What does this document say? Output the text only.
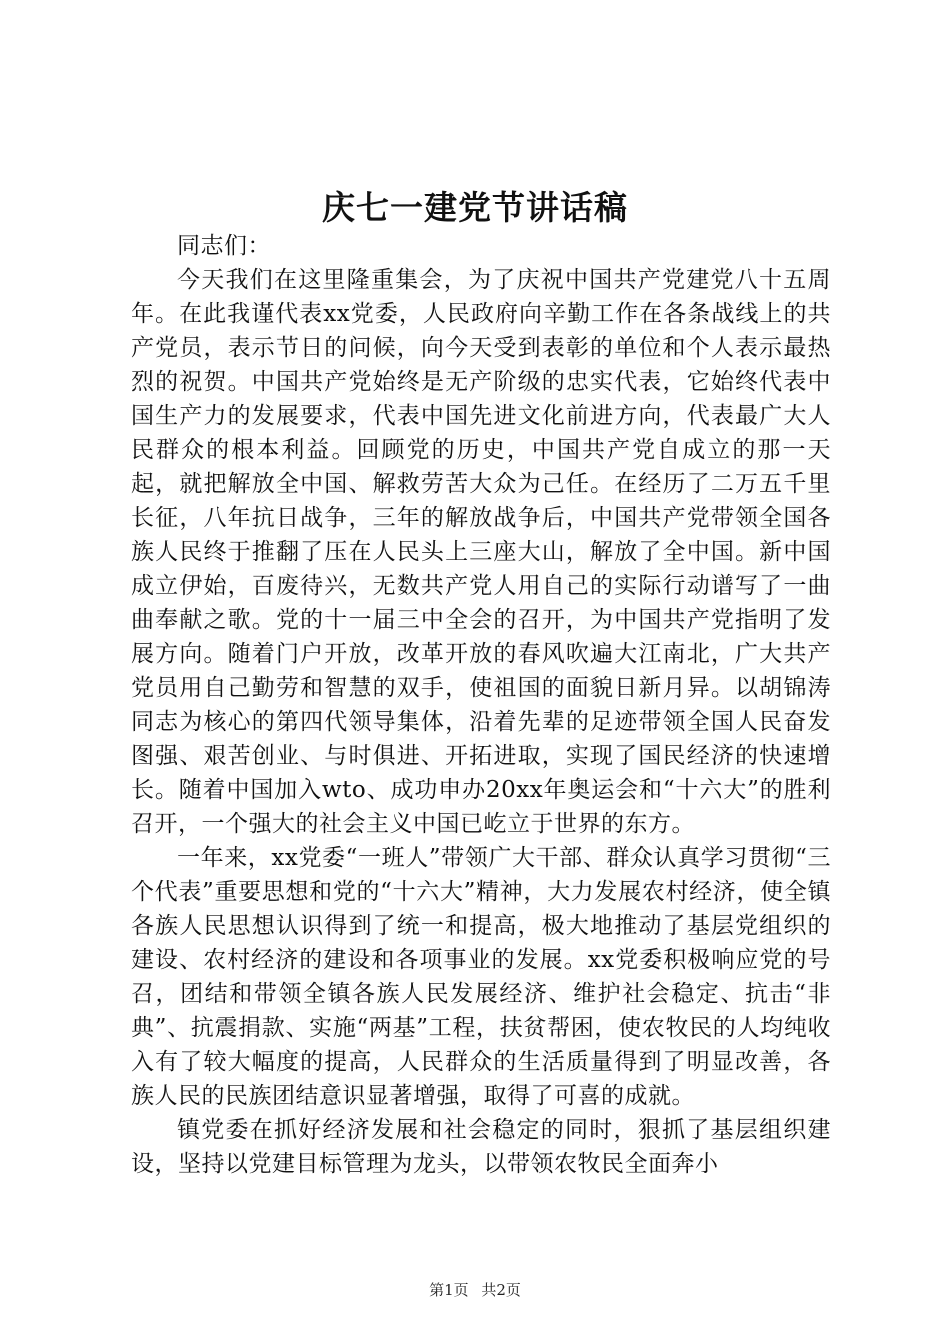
庆七一建党节讲话稿

同志们：

今天我们在这里隆重集会，为了庆祝中国共产党建党八十五周年。在此我谨代表xx党委，人民政府向辛勤工作在各条战线上的共产党员，表示节日的问候，向今天受到表彰的单位和个人表示最热烈的祝贺。中国共产党始终是无产阶级的忠实代表，它始终代表中国生产力的发展要求，代表中国先进文化前进方向，代表最广大人民群众的根本利益。回顾党的历史，中国共产党自成立的那一天起，就把解放全中国、解救劳苦大众为己任。在经历了二万五千里长征，八年抗日战争，三年的解放战争后，中国共产党带领全国各族人民终于推翻了压在人民头上三座大山，解放了全中国。新中国成立伊始，百废待兴，无数共产党人用自己的实际行动谱写了一曲曲奉献之歌。党的十一届三中全会的召开，为中国共产党指明了发展方向。随着门户开放，改革开放的春风吹遍大江南北，广大共产党员用自己勤劳和智慧的双手，使祖国的面貌日新月异。以胡锦涛同志为核心的第四代领导集体，沿着先辈的足迹带领全国人民奋发图强、艰苦创业、与时俱进、开拓进取，实现了国民经济的快速增长。随着中国加入wto、成功申办20xx年奥运会和“十六大”的胜利召开，一个强大的社会主义中国已屹立于世界的东方。

一年来，xx党委“一班人”带领广大干部、群众认真学习贯彻“三个代表”重要思想和党的“十六大”精神，大力发展农村经济，使全镇各族人民思想认识得到了统一和提高，极大地推动了基层党组织的建设、农村经济的建设和各项事业的发展。xx党委积极响应党的号召，团结和带领全镇各族人民发展经济、维护社会稳定、抗击“非典”、抗震捐款、实施“两基”工程，扶贫帮困，使农牧民的人均纯收入有了较大幅度的提高，人民群众的生活质量得到了明显改善，各族人民的民族团结意识显著增强，取得了可喜的成就。

镇党委在抓好经济发展和社会稳定的同时，狠抓了基层组织建设，坚持以党建目标管理为龙头，以带领农牧民全面奔小

第1页 共2页
